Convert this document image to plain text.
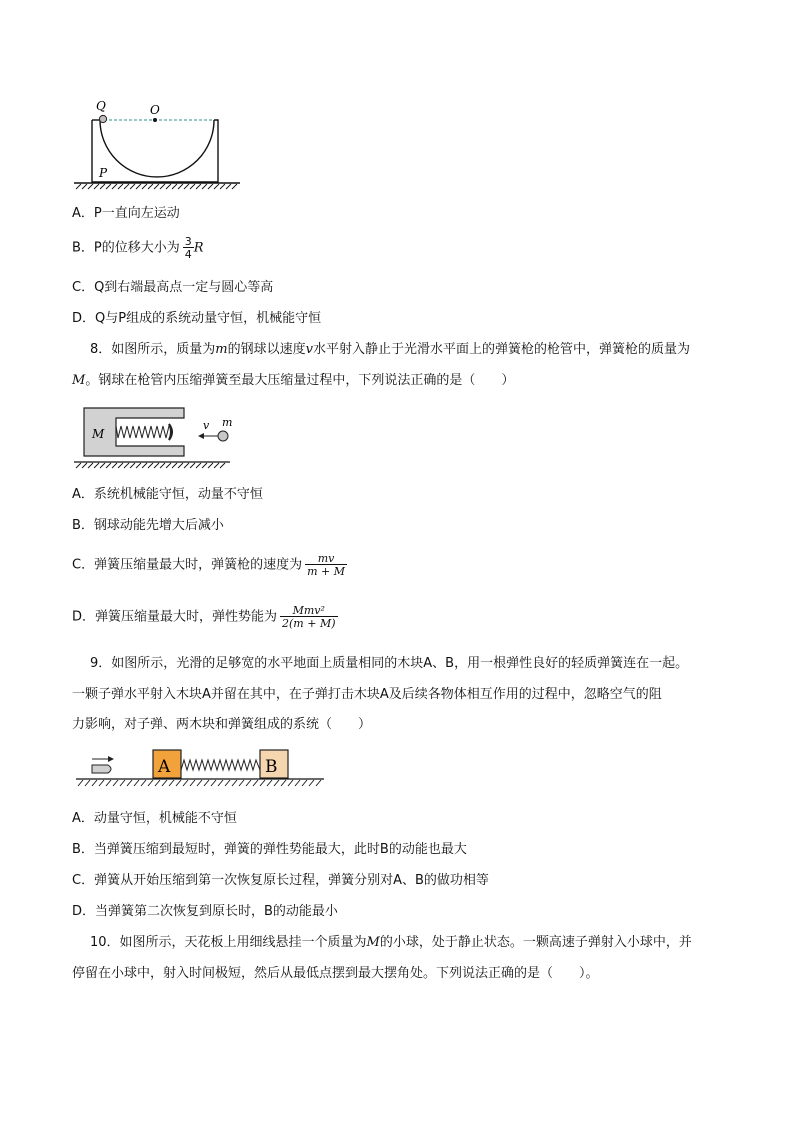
Q	O
P
A．P一直向左运动
B．P的位移大小为 $\frac{3}{4}$ R
C．Q到右端最高点一定与圆心等高
D．Q与P组成的系统动量守恒，机械能守恒
8．如图所示，质量为m的钢球以速度v水平射入静止于光滑水平面上的弹簧枪的枪管中，弹簧枪的质量为
M。钢球在枪管内压缩弹簧至最大压缩量过程中，下列说法正确的是（　　）
M
v m
A．系统机械能守恒，动量不守恒
B．钢球动能先增大后减小
C．弹簧压缩量最大时，弹簧枪的速度为 $\frac{mv}{m + M}$
D．弹簧压缩量最大时，弹性势能为 $\frac{\text{Mmv²}}{2(m + M)}$
9．如图所示，光滑的足够宽的水平地面上质量相同的木块A、B，用一根弹性良好的轻质弹簧连在一起。
一颗子弹水平射入木块A并留在其中，在子弹打击木块A及后续各物体相互作用的过程中，忽略空气的阻
力影响，对子弹、两木块和弹簧组成的系统（　　）
A	B
A．动量守恒，机械能不守恒
B．当弹簧压缩到最短时，弹簧的弹性势能最大，此时B的动能也最大
C．弹簧从开始压缩到第一次恢复原长过程，弹簧分别对A、B的做功相等
D．当弹簧第二次恢复到原长时，B的动能最小
10．如图所示，天花板上用细线悬挂一个质量为M的小球，处于静止状态。一颗高速子弹射入小球中，并
停留在小球中，射入时间极短，然后从最低点摆到最大摆角处。下列说法正确的是（　　）。
